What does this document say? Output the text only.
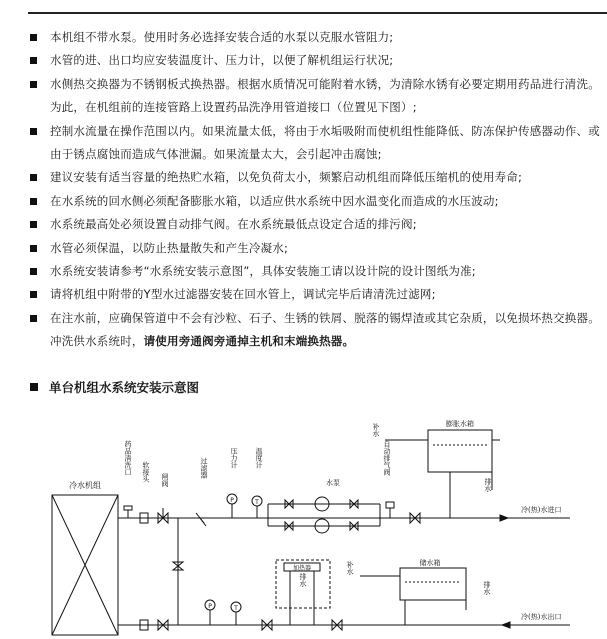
本机组不带水泵。使用时务必选择安装合适的水泵以克服水管阻力;
水管的进、出口均应安装温度计、压力计，以便了解机组运行状况;
水侧热交换器为不锈钢板式换热器。根据水质情况可能附着水锈，为清除水锈有必要定期用药品进行清洗。为此，在机组前的连接管路上设置药品洗净用管道接口（位置见下图）;
控制水流量在操作范围以内。如果流量太低，将由于水垢吸附而使机组性能降低、防冻保护传感器动作、或由于锈点腐蚀而造成气体泄漏。如果流量太大，会引起冲击腐蚀;
建议安装有适当容量的绝热贮水箱，以免负荷太小，频繁启动机组而降低压缩机的使用寿命;
在水系统的回水侧必须配备膨胀水箱，以适应供水系统中因水温变化而造成的水压波动;
水系统最高处必须设置自动排气阀。在水系统最低点设定合适的排污阀;
水管必须保温，以防止热量散失和产生冷凝水;
水系统安装请参考“水系统安装示意图”，具体安装施工请以设计院的设计图纸为准;
请将机组中附带的Y型水过滤器安装在回水管上，调试完毕后请清洗过滤网;
在注水前，应确保管道中不会有沙粒、石子、生锈的铁屑、脱落的锡焊渣或其它杂质，以免损坏热交换器。冲洗供水系统时，请使用旁通阀旁通掉主机和末端换热器。
单台机组水系统安装示意图
冷水机组
药品清洗口 软接头 闸阀
过滤器
P
压力计
T
温度计
水泵
自动排气阀
膨胀水箱
补水
排水
冷(热)水进口
储水箱
补水
排水
加热器
排水
P	T
冷(热)水出口
